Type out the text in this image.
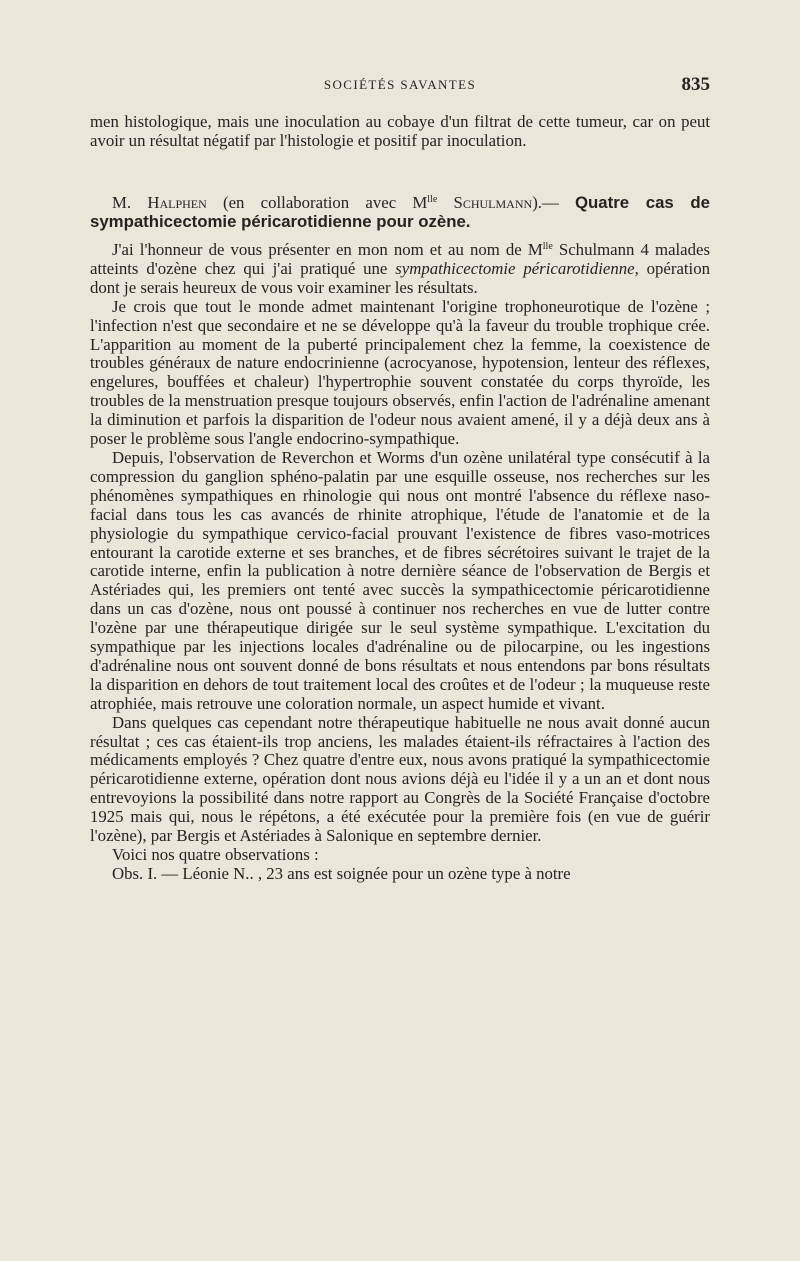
SOCIÉTÉS SAVANTES	835

men histologique, mais une inoculation au cobaye d'un filtrat de cette tumeur, car on peut avoir un résultat négatif par l'histologie et positif par inoculation.

M. Halphen (en collaboration avec $M^{lle}$ Schulmann).— Quatre cas de sympathicectomie péricarotidienne pour ozène.

J'ai l'honneur de vous présenter en mon nom et au nom de $M^{lle}$ Schulmann 4 malades atteints d'ozène chez qui j'ai pratiqué une sympathicectomie péricarotidienne, opération dont je serais heureux de vous voir examiner les résultats.

Je crois que tout le monde admet maintenant l'origine trophoneurotique de l'ozène ; l'infection n'est que secondaire et ne se développe qu'à la faveur du trouble trophique crée. L'apparition au moment de la puberté principalement chez la femme, la coexistence de troubles généraux de nature endocrinienne (acrocyanose, hypotension, lenteur des réflexes, engelures, bouffées et chaleur) l'hypertrophie souvent constatée du corps thyroïde, les troubles de la menstruation presque toujours observés, enfin l'action de l'adrénaline amenant la diminution et parfois la disparition de l'odeur nous avaient amené, il y a déjà deux ans à poser le problème sous l'angle endocrino-sympathique.

Depuis, l'observation de Reverchon et Worms d'un ozène unilatéral type consécutif à la compression du ganglion sphéno-palatin par une esquille osseuse, nos recherches sur les phénomènes sympathiques en rhinologie qui nous ont montré l'absence du réflexe naso-facial dans tous les cas avancés de rhinite atrophique, l'étude de l'anatomie et de la physiologie du sympathique cervico-facial prouvant l'existence de fibres vaso-motrices entourant la carotide externe et ses branches, et de fibres sécrétoires suivant le trajet de la carotide interne, enfin la publication à notre dernière séance de l'observation de Bergis et Astériades qui, les premiers ont tenté avec succès la sympathicectomie péricarotidienne dans un cas d'ozène, nous ont poussé à continuer nos recherches en vue de lutter contre l'ozène par une thérapeutique dirigée sur le seul système sympathique. L'excitation du sympathique par les injections locales d'adrénaline ou de pilocarpine, ou les ingestions d'adrénaline nous ont souvent donné de bons résultats et nous entendons par bons résultats la disparition en dehors de tout traitement local des croûtes et de l'odeur ; la muqueuse reste atrophiée, mais retrouve une coloration normale, un aspect humide et vivant.

Dans quelques cas cependant notre thérapeutique habituelle ne nous avait donné aucun résultat ; ces cas étaient-ils trop anciens, les malades étaient-ils réfractaires à l'action des médicaments employés ? Chez quatre d'entre eux, nous avons pratiqué la sympathicectomie péricarotidienne externe, opération dont nous avions déjà eu l'idée il y a un an et dont nous entrevoyions la possibilité dans notre rapport au Congrès de la Société Française d'octobre 1925 mais qui, nous le répétons, a été exécutée pour la première fois (en vue de guérir l'ozène), par Bergis et Astériades à Salonique en septembre dernier.

Voici nos quatre observations :

Obs. I. — Léonie N.. , 23 ans est soignée pour un ozène type à notre
